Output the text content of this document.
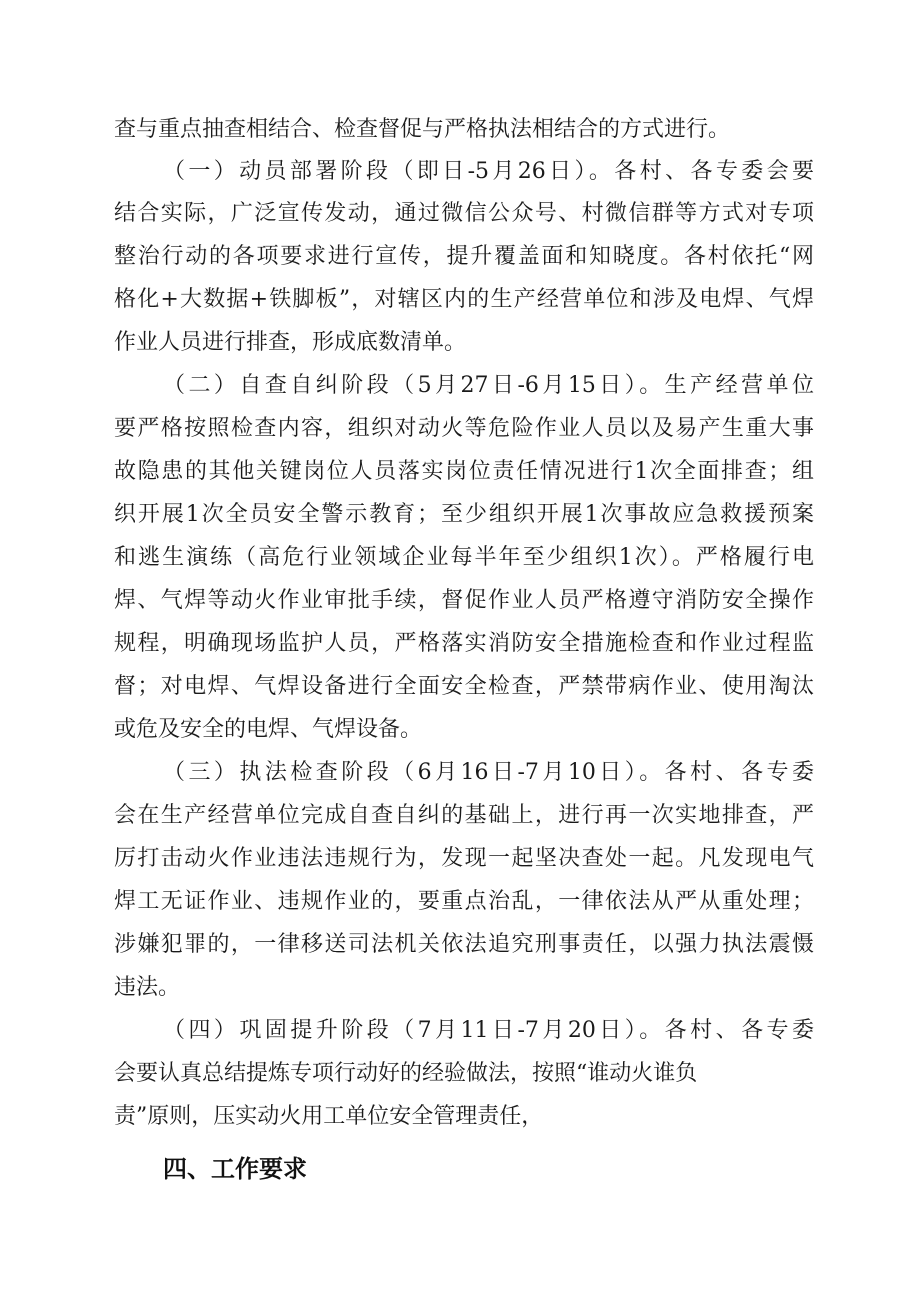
查与重点抽查相结合、检查督促与严格执法相结合的方式进行。

（一）动员部署阶段（即日-5月26日）。各村、各专委会要

结合实际，广泛宣传发动，通过微信公众号、村微信群等方式对专项

整治行动的各项要求进行宣传，提升覆盖面和知晓度。各村依托“网

格化+大数据+铁脚板”，对辖区内的生产经营单位和涉及电焊、气焊

作业人员进行排查，形成底数清单。

（二）自查自纠阶段（5月27日-6月15日）。生产经营单位

要严格按照检查内容，组织对动火等危险作业人员以及易产生重大事

故隐患的其他关键岗位人员落实岗位责任情况进行1次全面排查；组

织开展1次全员安全警示教育；至少组织开展1次事故应急救援预案

和逃生演练（高危行业领域企业每半年至少组织1次）。严格履行电

焊、气焊等动火作业审批手续，督促作业人员严格遵守消防安全操作

规程，明确现场监护人员，严格落实消防安全措施检查和作业过程监

督；对电焊、气焊设备进行全面安全检查，严禁带病作业、使用淘汰

或危及安全的电焊、气焊设备。

（三）执法检查阶段（6月16日-7月10日）。各村、各专委

会在生产经营单位完成自查自纠的基础上，进行再一次实地排查，严

厉打击动火作业违法违规行为，发现一起坚决查处一起。凡发现电气

焊工无证作业、违规作业的，要重点治乱，一律依法从严从重处理；

涉嫌犯罪的，一律移送司法机关依法追究刑事责任，以强力执法震慑

违法。

（四）巩固提升阶段（7月11日-7月20日）。各村、各专委

会要认真总结提炼专项行动好的经验做法，按照“谁动火谁负

责”原则，压实动火用工单位安全管理责任，

四、工作要求
